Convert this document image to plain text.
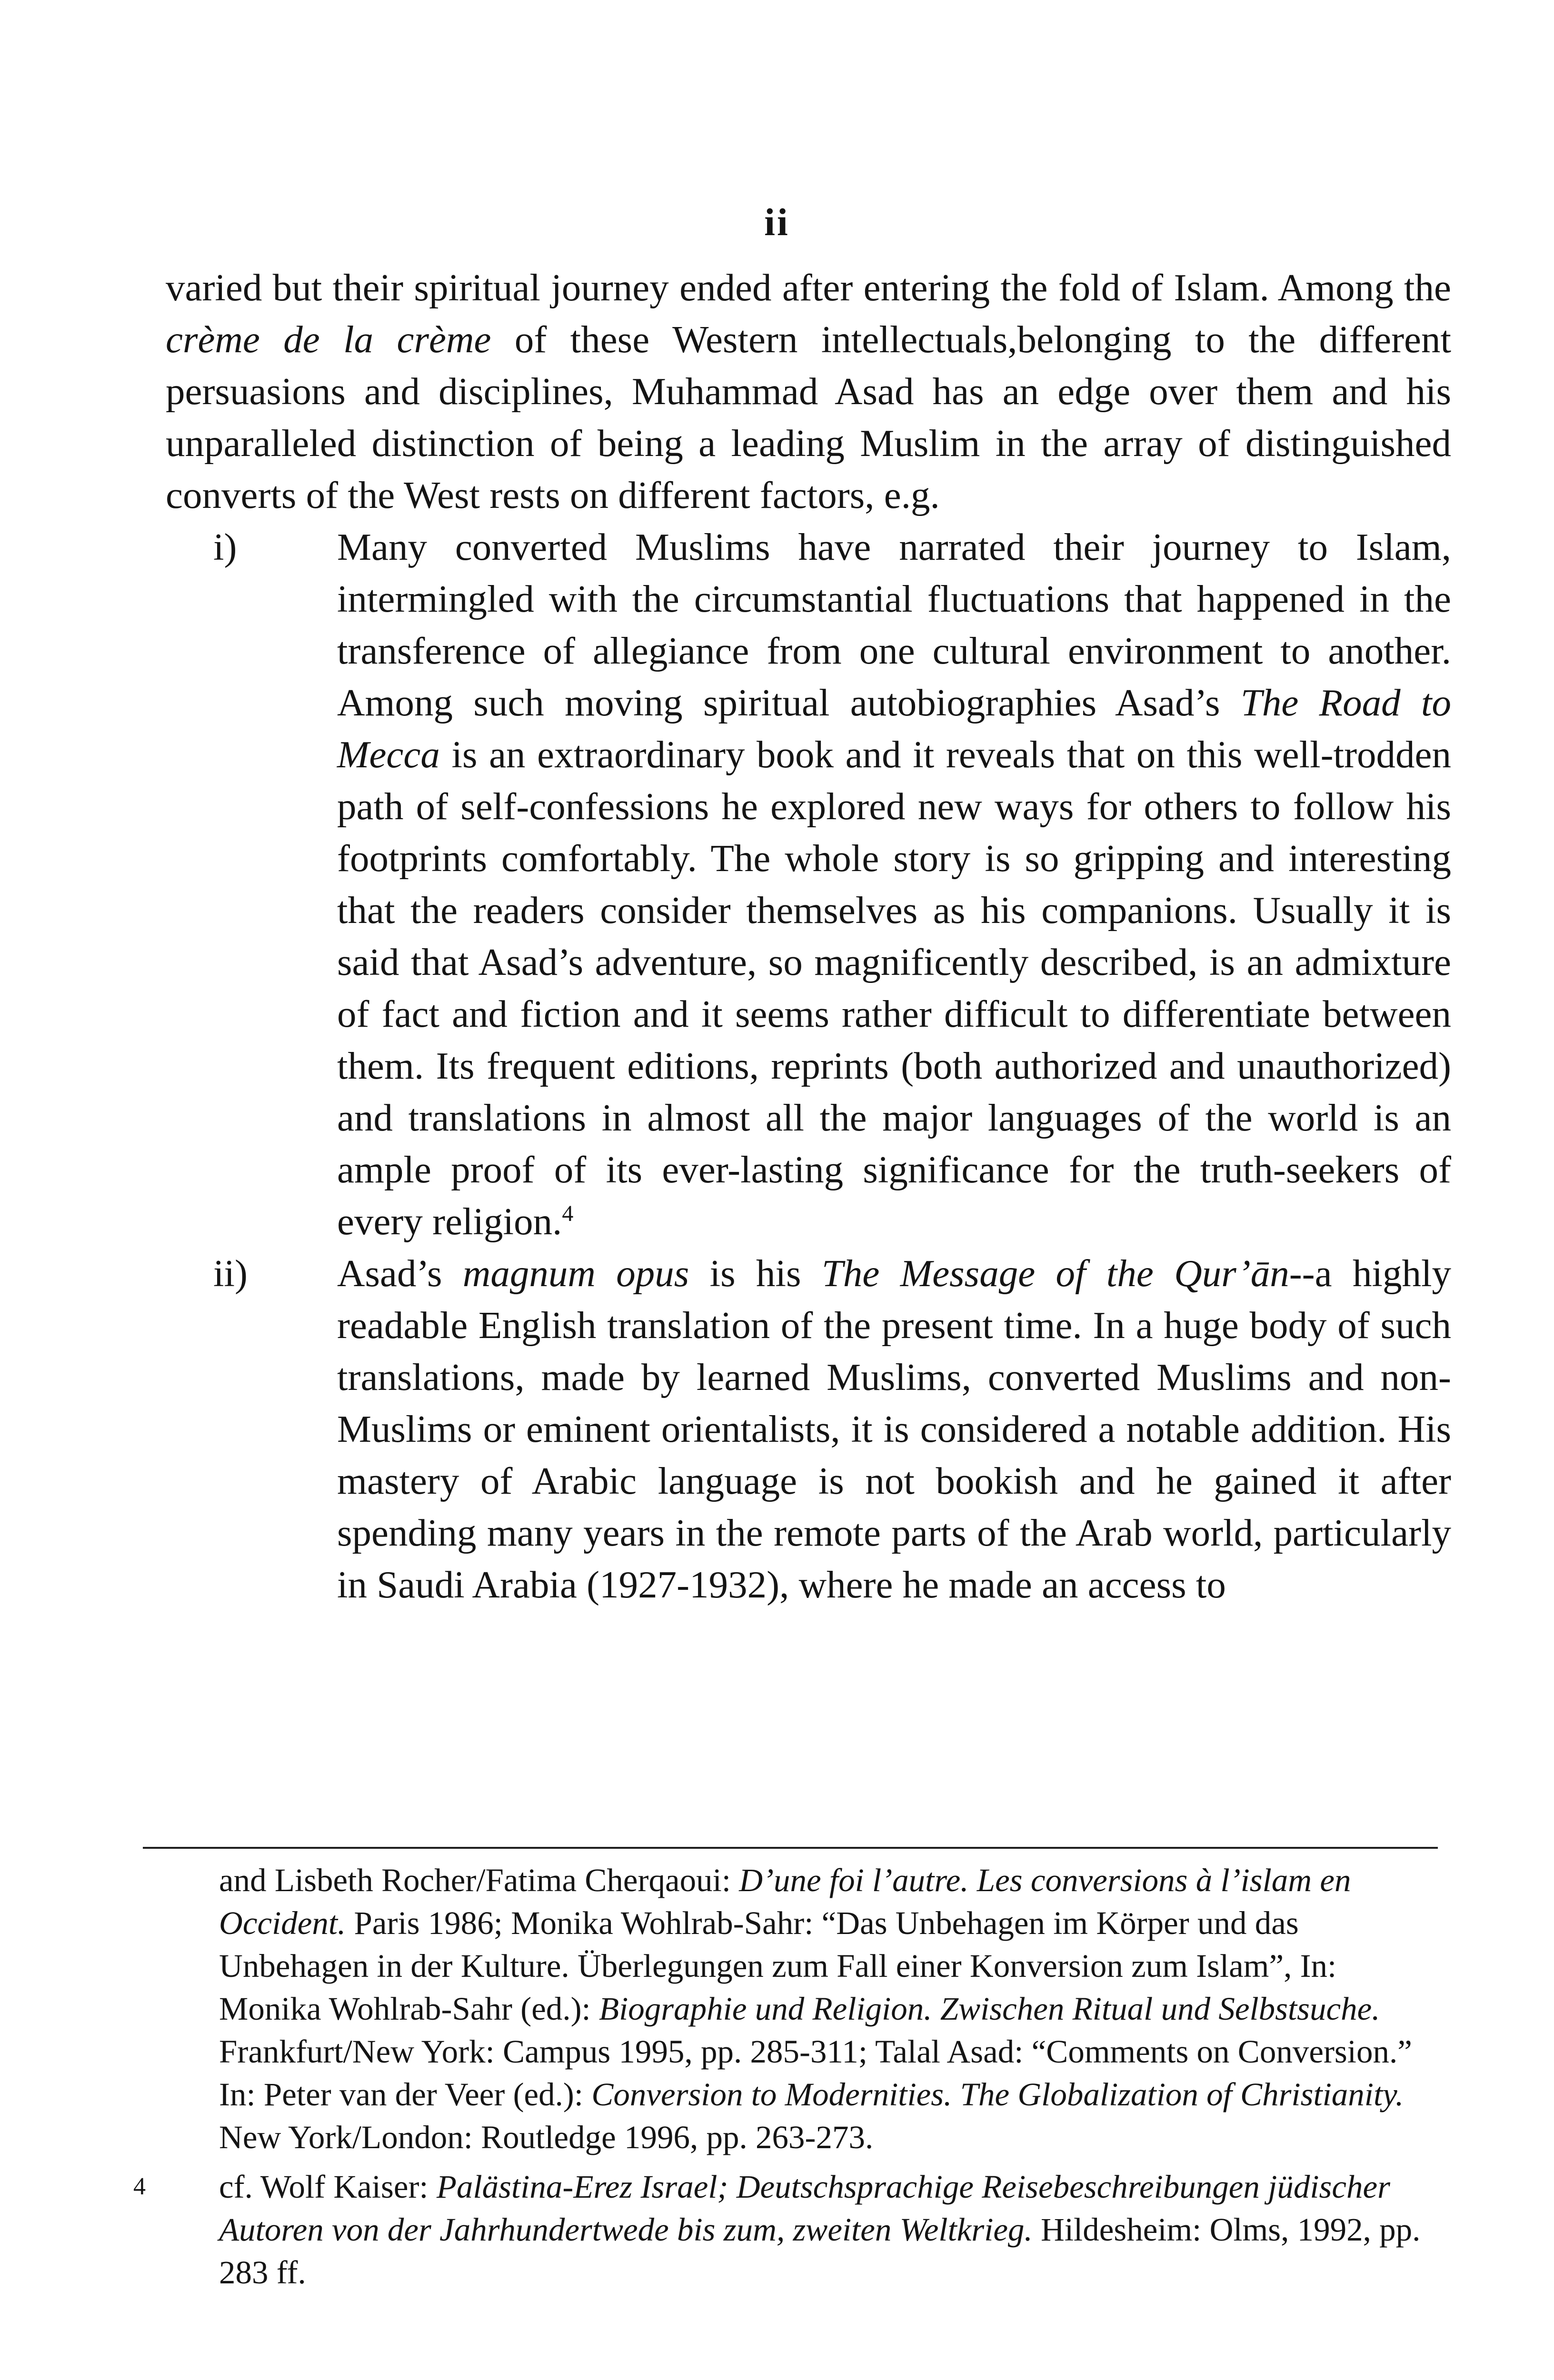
ii

varied but their spiritual journey ended after entering the fold of Islam. Among the crème de la crème of these Western intellectuals,belonging to the different persuasions and disciplines, Muhammad Asad has an edge over them and his unparalleled distinction of being a leading Muslim in the array of distinguished converts of the West rests on different factors, e.g.

i)	Many converted Muslims have narrated their journey to Islam, intermingled with the circumstantial fluctuations that happened in the transference of allegiance from one cultural environment to another. Among such moving spiritual autobiographies Asad’s The Road to Mecca is an extraordinary book and it reveals that on this well-trodden path of self-confessions he explored new ways for others to follow his footprints comfortably. The whole story is so gripping and interesting that the readers consider themselves as his companions. Usually it is said that Asad’s adventure, so magnificently described, is an admixture of fact and fiction and it seems rather difficult to differentiate between them. Its frequent editions, reprints (both authorized and unauthorized) and translations in almost all the major languages of the world is an ample proof of its ever-lasting significance for the truth-seekers of every religion.$^4$
ii) Asad’s magnum opus is his The Message of the Qur’ān--a highly readable English translation of the present time. In a huge body of such translations, made by learned Muslims, converted Muslims and non-Muslims or eminent orientalists, it is considered a notable addition. His mastery of Arabic language is not bookish and he gained it after spending many years in the remote parts of the Arab world, particularly in Saudi Arabia (1927-1932), where he made an access to

and Lisbeth Rocher/Fatima Cherqaoui: D’une foi l’autre. Les conversions à l’islam en Occident. Paris 1986; Monika Wohlrab-Sahr: “Das Unbehagen im Körper und das Unbehagen in der Kulture. Überlegungen zum Fall einer Konversion zum Islam”, In: Monika Wohlrab-Sahr (ed.): Biographie und Religion. Zwischen Ritual und Selbstsuche. Frankfurt/New York: Campus 1995, pp. 285-311; Talal Asad: “Comments on Conversion.” In: Peter van der Veer (ed.): Conversion to Modernities. The Globalization of Christianity. New York/London: Routledge 1996, pp. 263-273.

4 cf. Wolf Kaiser: Palästina-Erez Israel; Deutschsprachige Reisebeschreibungen jüdischer Autoren von der Jahrhundertwede bis zum, zweiten Weltkrieg. Hildesheim: Olms, 1992, pp. 283 ff.
